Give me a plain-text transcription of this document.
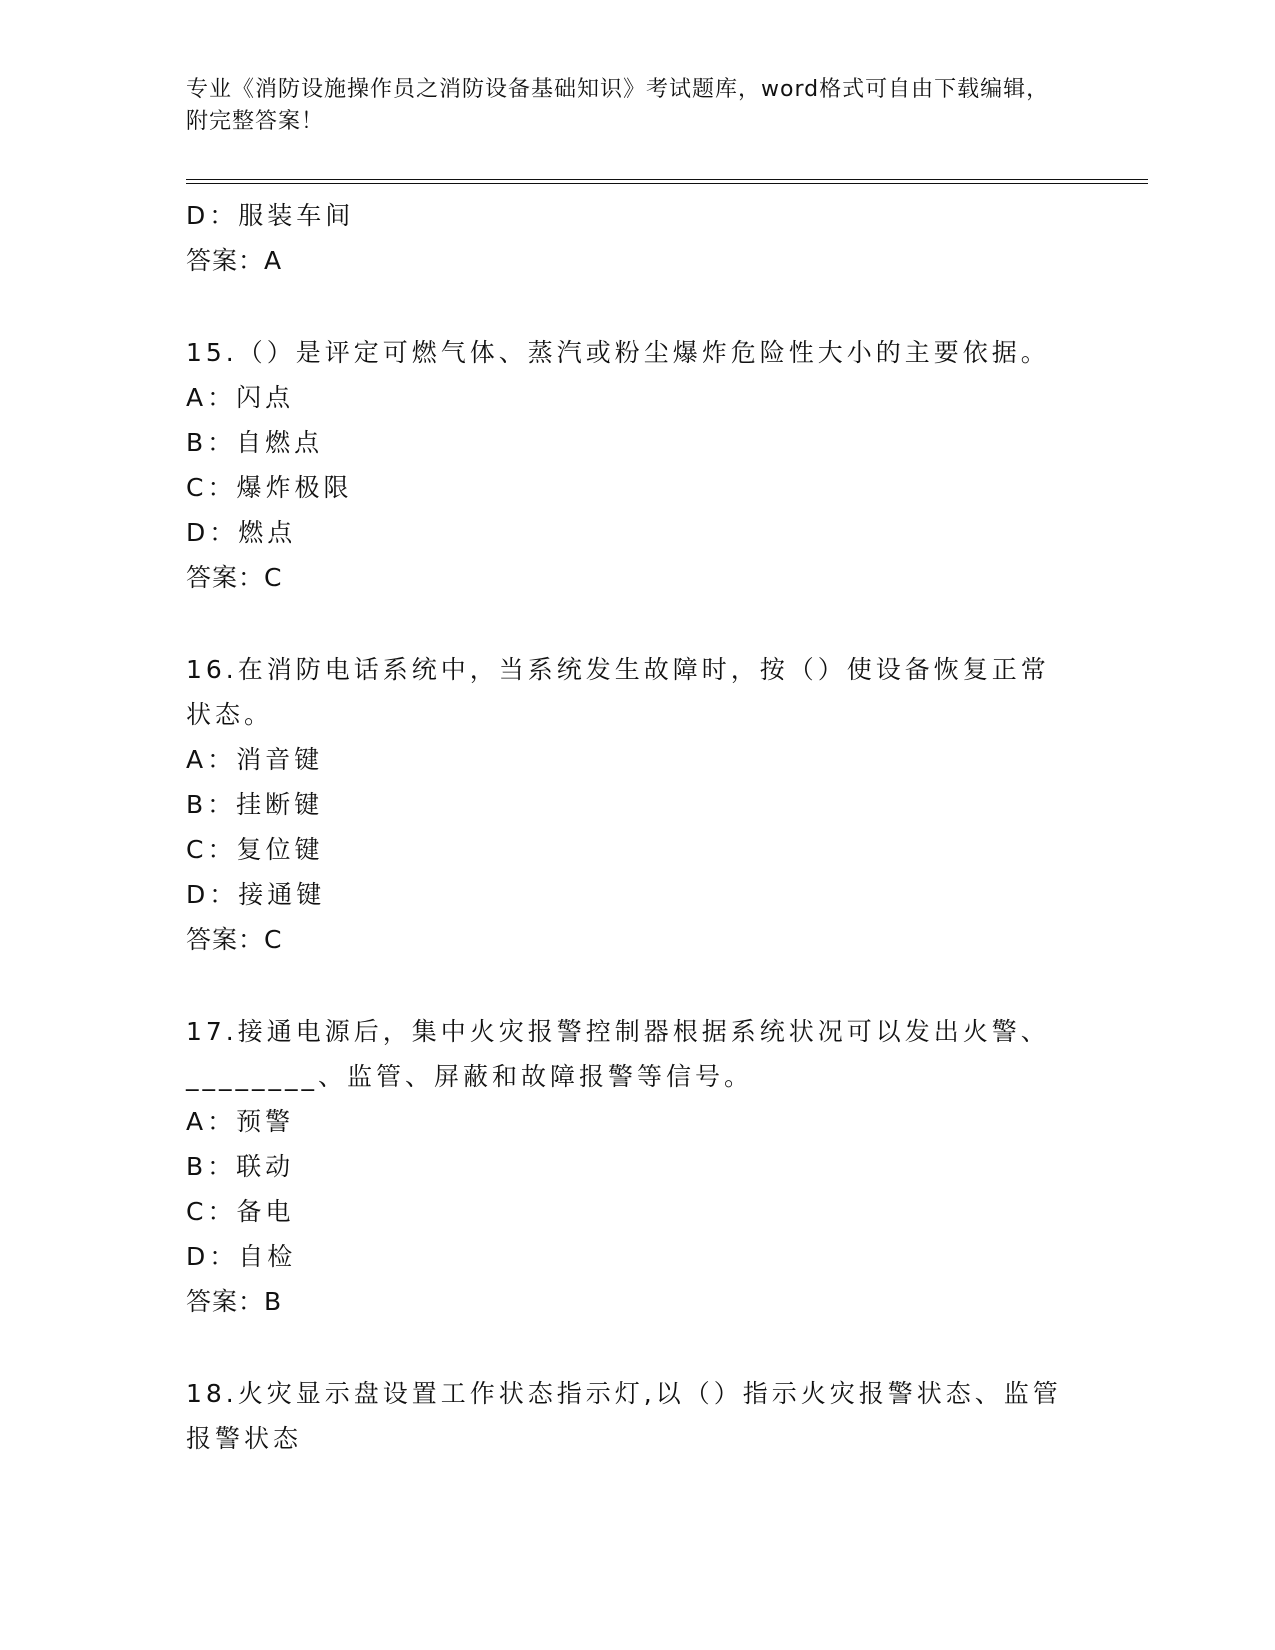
专业《消防设施操作员之消防设备基础知识》考试题库，word格式可自由下载编辑，附完整答案！
D：服装车间
答案：A
15.（）是评定可燃气体、蒸汽或粉尘爆炸危险性大小的主要依据。
A：闪点
B：自燃点
C：爆炸极限
D：燃点
答案：C
16.在消防电话系统中，当系统发生故障时，按（）使设备恢复正常状态。
A：消音键
B：挂断键
C：复位键
D：接通键
答案：C
17.接通电源后，集中火灾报警控制器根据系统状况可以发出火警、________、监管、屏蔽和故障报警等信号。
A：预警
B：联动
C：备电
D：自检
答案：B
18.火灾显示盘设置工作状态指示灯,以（）指示火灾报警状态、监管报警状态
